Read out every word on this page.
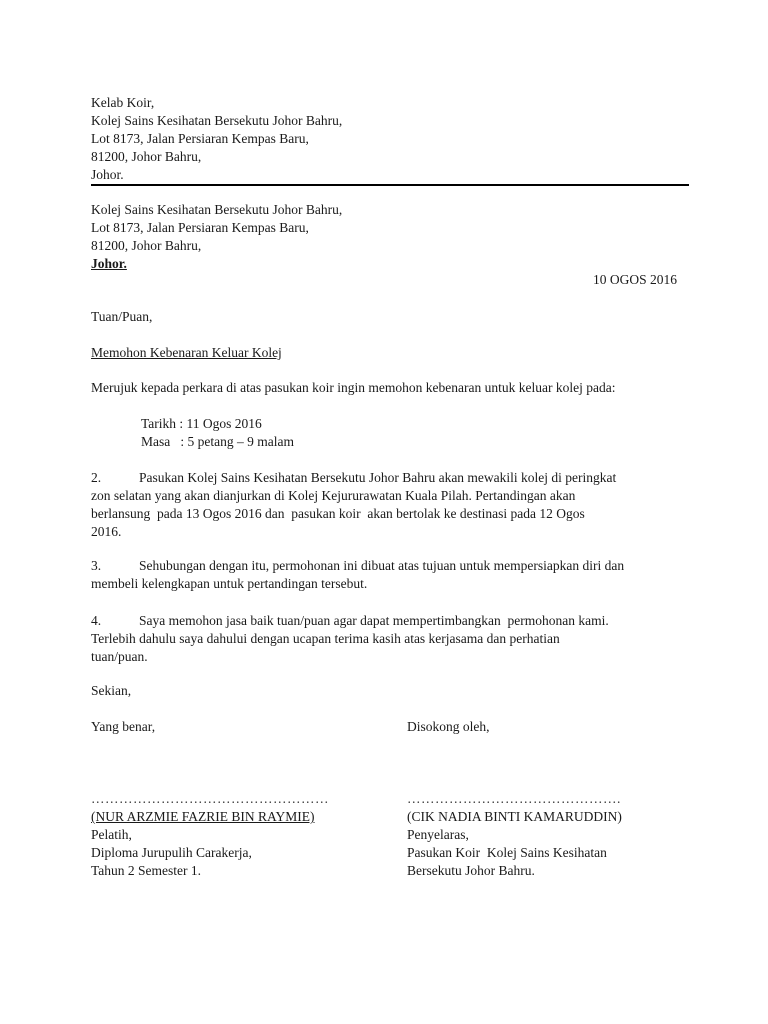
Kelab Koir,
Kolej Sains Kesihatan Bersekutu Johor Bahru,
Lot 8173, Jalan Persiaran Kempas Baru,
81200, Johor Bahru,
Johor.
Kolej Sains Kesihatan Bersekutu Johor Bahru,
Lot 8173, Jalan Persiaran Kempas Baru,
81200, Johor Bahru,
Johor.
10 OGOS 2016
Tuan/Puan,
Memohon Kebenaran Keluar Kolej
Merujuk kepada perkara di atas pasukan koir ingin memohon kebenaran untuk keluar kolej pada:
Tarikh : 11 Ogos 2016
Masa   : 5 petang – 9 malam
2.	Pasukan Kolej Sains Kesihatan Bersekutu Johor Bahru akan mewakili kolej di peringkat
zon selatan yang akan dianjurkan di Kolej Kejururawatan Kuala Pilah. Pertandingan akan
berlansung  pada 13 Ogos 2016 dan  pasukan koir  akan bertolak ke destinasi pada 12 Ogos
2016.
3.	Sehubungan dengan itu, permohonan ini dibuat atas tujuan untuk mempersiapkan diri dan
membeli kelengkapan untuk pertandingan tersebut.
4.	Saya memohon jasa baik tuan/puan agar dapat mempertimbangkan  permohonan kami.
Terlebih dahulu saya dahului dengan ucapan terima kasih atas kerjasama dan perhatian
tuan/puan.
Sekian,
Yang benar,
……………………………………………
(NUR ARZMIE FAZRIE BIN RAYMIE)
Pelatih,
Diploma Jurupulih Carakerja,
Tahun 2 Semester 1.
Disokong oleh,
……………………………………….
(CIK NADIA BINTI KAMARUDDIN)
Penyelaras,
Pasukan Koir  Kolej Sains Kesihatan
Bersekutu Johor Bahru.
